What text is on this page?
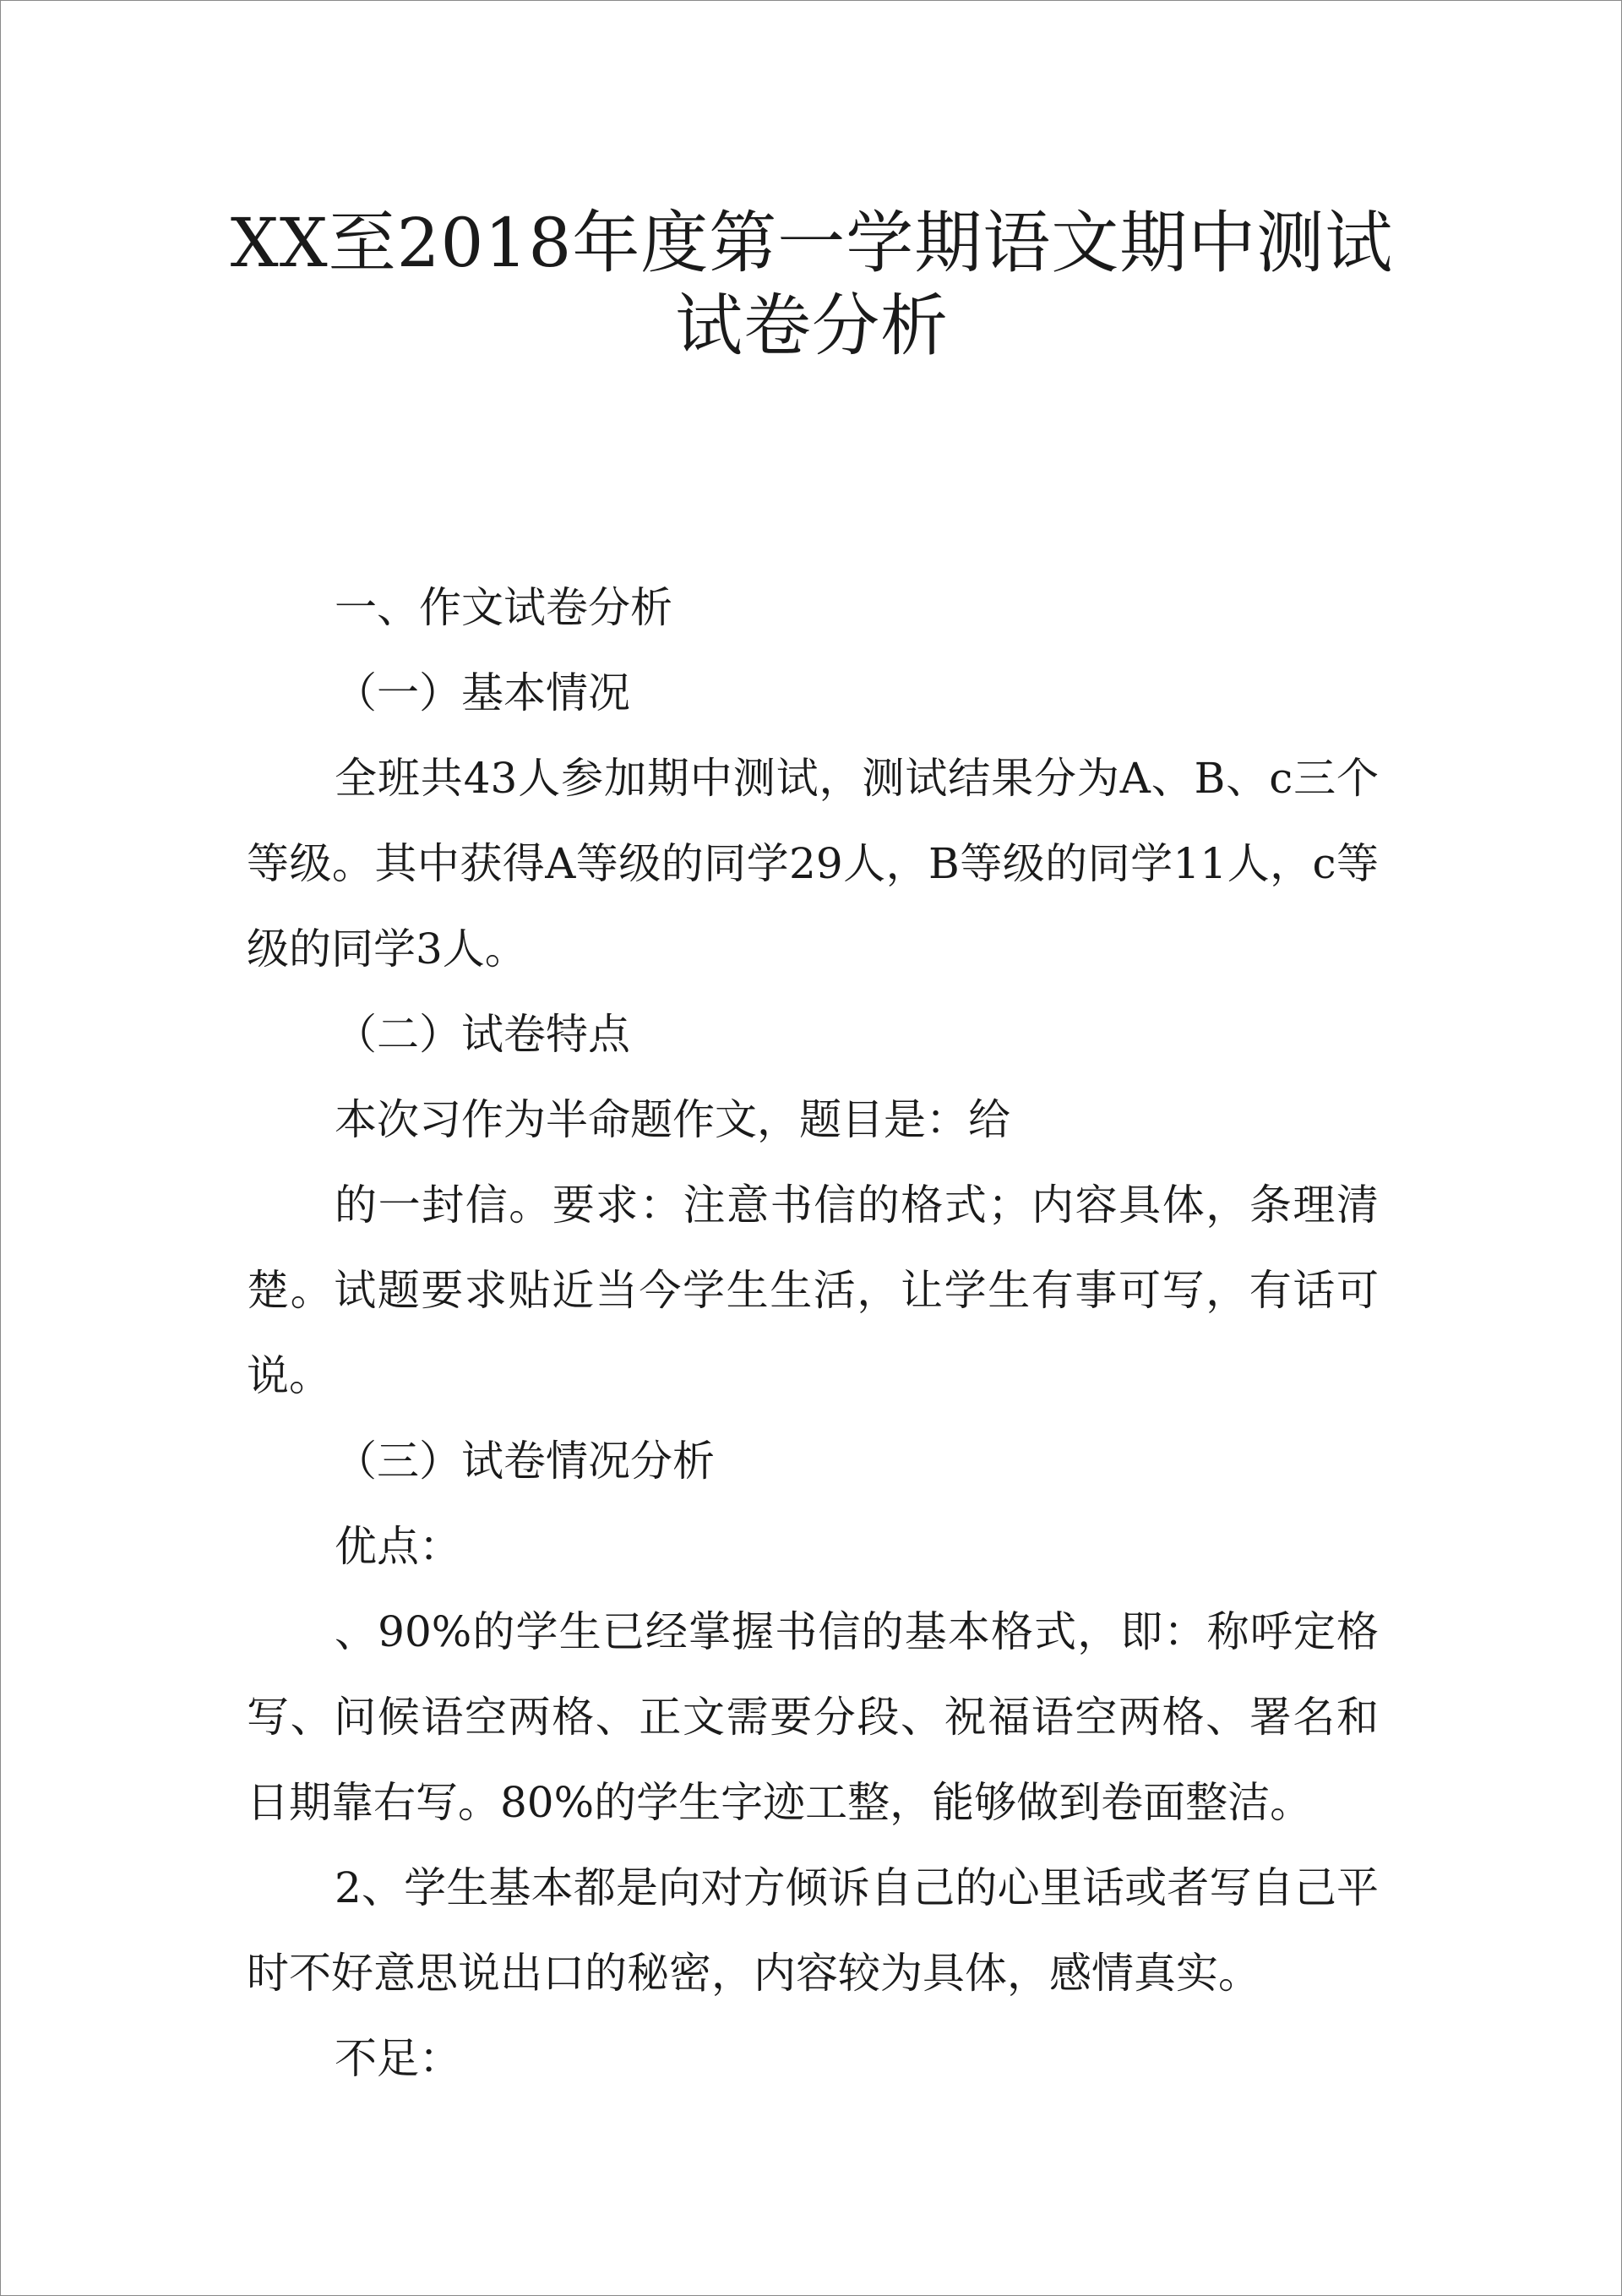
XX至2018年度第一学期语文期中测试
试卷分析

一、作文试卷分析

（一）基本情况

全班共43人参加期中测试，测试结果分为A、B、c三个等级。其中获得A等级的同学29人，B等级的同学11人，c等级的同学3人。

（二）试卷特点

本次习作为半命题作文，题目是：给

的一封信。要求：注意书信的格式；内容具体，条理清楚。试题要求贴近当今学生生活，让学生有事可写，有话可说。

（三）试卷情况分析

优点：

、90%的学生已经掌握书信的基本格式，即：称呼定格写、问候语空两格、正文需要分段、祝福语空两格、署名和日期靠右写。80%的学生字迹工整，能够做到卷面整洁。

2、学生基本都是向对方倾诉自己的心里话或者写自己平时不好意思说出口的秘密，内容较为具体，感情真实。

不足：
